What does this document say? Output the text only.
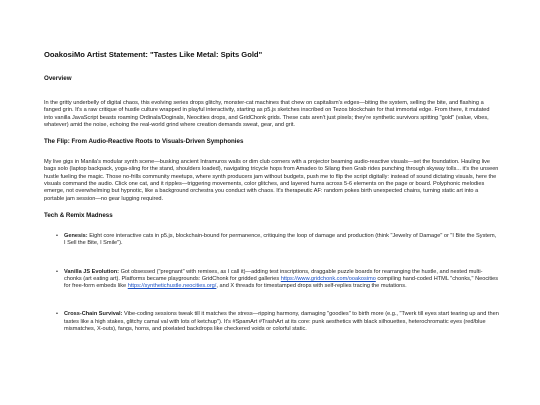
OoakosiMo Artist Statement: "Tastes Like Metal: Spits Gold"
Overview

In the gritty underbelly of digital chaos, this evolving series drops glitchy, monster-cat machines that chew on capitalism's edges—biting the system, selling the bite, and flashing a fanged grin. It's a raw critique of hustle culture wrapped in playful interactivity, starting as p5.js sketches inscribed on Tezos blockchain for that immortal edge. From there, it mutated into vanilla JavaScript beasts roaming Ordinals/Doginals, Neocities drops, and GridChonk grids. These cats aren't just pixels; they're synthetic survivors spitting "gold" (value, vibes, whatever) amid the noise, echoing the real-world grind where creation demands sweat, gear, and grit.

The Flip: From Audio-Reactive Roots to Visuals-Driven Symphonies

My live gigs in Manila's modular synth scene—busking ancient Intramuros walls or dim club corners with a projector beaming audio-reactive visuals—set the foundation. Hauling live bags solo (laptop backpack, yoga-sling for the stand, shoulders loaded), navigating tricycle hops from Amadeo to Silang then Grab rides punching through skyway tolls... it's the unseen hustle fueling the magic. Those no-frills community meetups, where synth producers jam without budgets, push me to flip the script digitally: instead of sound dictating visuals, here the visuals command the audio. Click one cat, and it ripples—triggering movements, color glitches, and layered hums across 5-6 elements on the page or board. Polyphonic melodies emerge, not overwhelming but hypnotic, like a background orchestra you conduct with chaos. It's therapeutic AF: random pokes birth unexpected chains, turning static art into a portable jam session—no gear lugging required.

Tech & Remix Madness
• Genesis: Eight core interactive cats in p5.js, blockchain-bound for permanence, critiquing the loop of damage and production (think "Jewelry of Damage" or "I Bite the System, I Sell the Bite, I Smile").
• Vanilla JS Evolution: Got obsessed ("pregnant" with remixes, as I call it)—adding test inscriptions, draggable puzzle boards for rearranging the hustle, and nested multi-chonks (art eating art). Platforms became playgrounds: GridChonk for gridded galleries https://www.gridchonk.com/ooakosimo compiling hand-coded HTML "chonks," Neocities for free-form embeds like https://synthetichustle.neocities.org/, and X threads for timestamped drops with self-replies tracing the mutations.
• Cross-Chain Survival: Vibe-coding sessions tweak till it matches the stress—ripping harmony, damaging "goodies" to birth more (e.g., "Twerk till eyes start tearing up and then tastes like a high stakes, glitchy carnal val with lots of ketchup"). It's #SpamArt #TrashArt at its core: punk aesthetics with black silhouettes, heterochromatic eyes (red/blue mismatches, X-outs), fangs, horns, and pixelated backdrops like checkered voids or colorful static.
